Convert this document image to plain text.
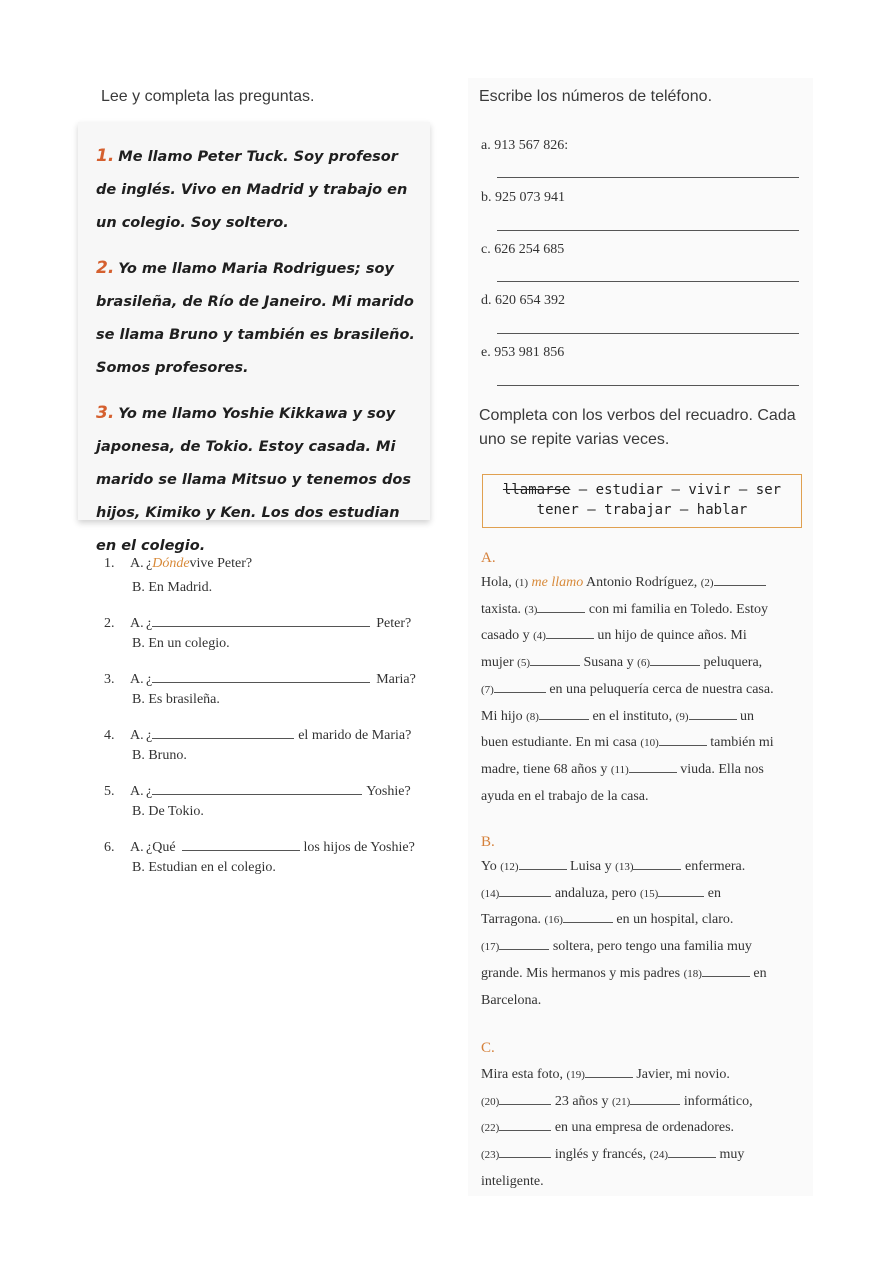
Lee y completa las preguntas.

1. Me llamo Peter Tuck. Soy profesor de inglés. Vivo en Madrid y trabajo en un colegio. Soy soltero.

2. Yo me llamo Maria Rodrigues; soy brasileña, de Río de Janeiro. Mi marido se llama Bruno y también es brasileño. Somos profesores.

3. Yo me llamo Yoshie Kikkawa y soy japonesa, de Tokio. Estoy casada. Mi marido se llama Mitsuo y tenemos dos hijos, Kimiko y Ken. Los dos estudian en el colegio.

1.	A. ¿ Dónde vive Peter?
B. En Madrid.
2.	A. ¿	Peter?
B. En un colegio.
3.	A. ¿	Maria?
B. Es brasileña.
4.	A. ¿	el marido de Maria?
B. Bruno.
5.	A. ¿	Yoshie?
B. De Tokio.
6.	A. ¿Qué	los hijos de Yoshie?
B. Estudian en el colegio.
Escribe los números de teléfono.
a. 913 567 826:
b. 925 073 941
c. 626 254 685
d. 620 654 392
e. 953 981 856
Completa con los verbos del recuadro. Cada
uno se repite varias veces.
llamarse – estudiar – vivir – ser
tener – trabajar – hablar
A.
Hola, (1) me llamo Antonio Rodríguez, (2)
taxista. (3)	con mi familia en Toledo. Estoy
casado y (4)	un hijo de quince años. Mi
mujer (5)	Susana y (6)	peluquera,
(7)	en una peluquería cerca de nuestra casa.
Mi hijo (8)	en el instituto, (9)	un
buen estudiante. En mi casa (10)	también mi
madre, tiene 68 años y (11)	viuda. Ella nos
ayuda en el trabajo de la casa.
B.
Yo (12)	Luisa y (13)	enfermera.
(14)	andaluza, pero (15)	en
Tarragona. (16)	en un hospital, claro.
(17)	soltera, pero tengo una familia muy
grande. Mis hermanos y mis padres (18)	en
Barcelona.
C.
Mira esta foto, (19)	Javier, mi novio.
(20)	23 años y (21)	informático,
(22)	en una empresa de ordenadores.
(23)	inglés y francés, (24)	muy
inteligente.
